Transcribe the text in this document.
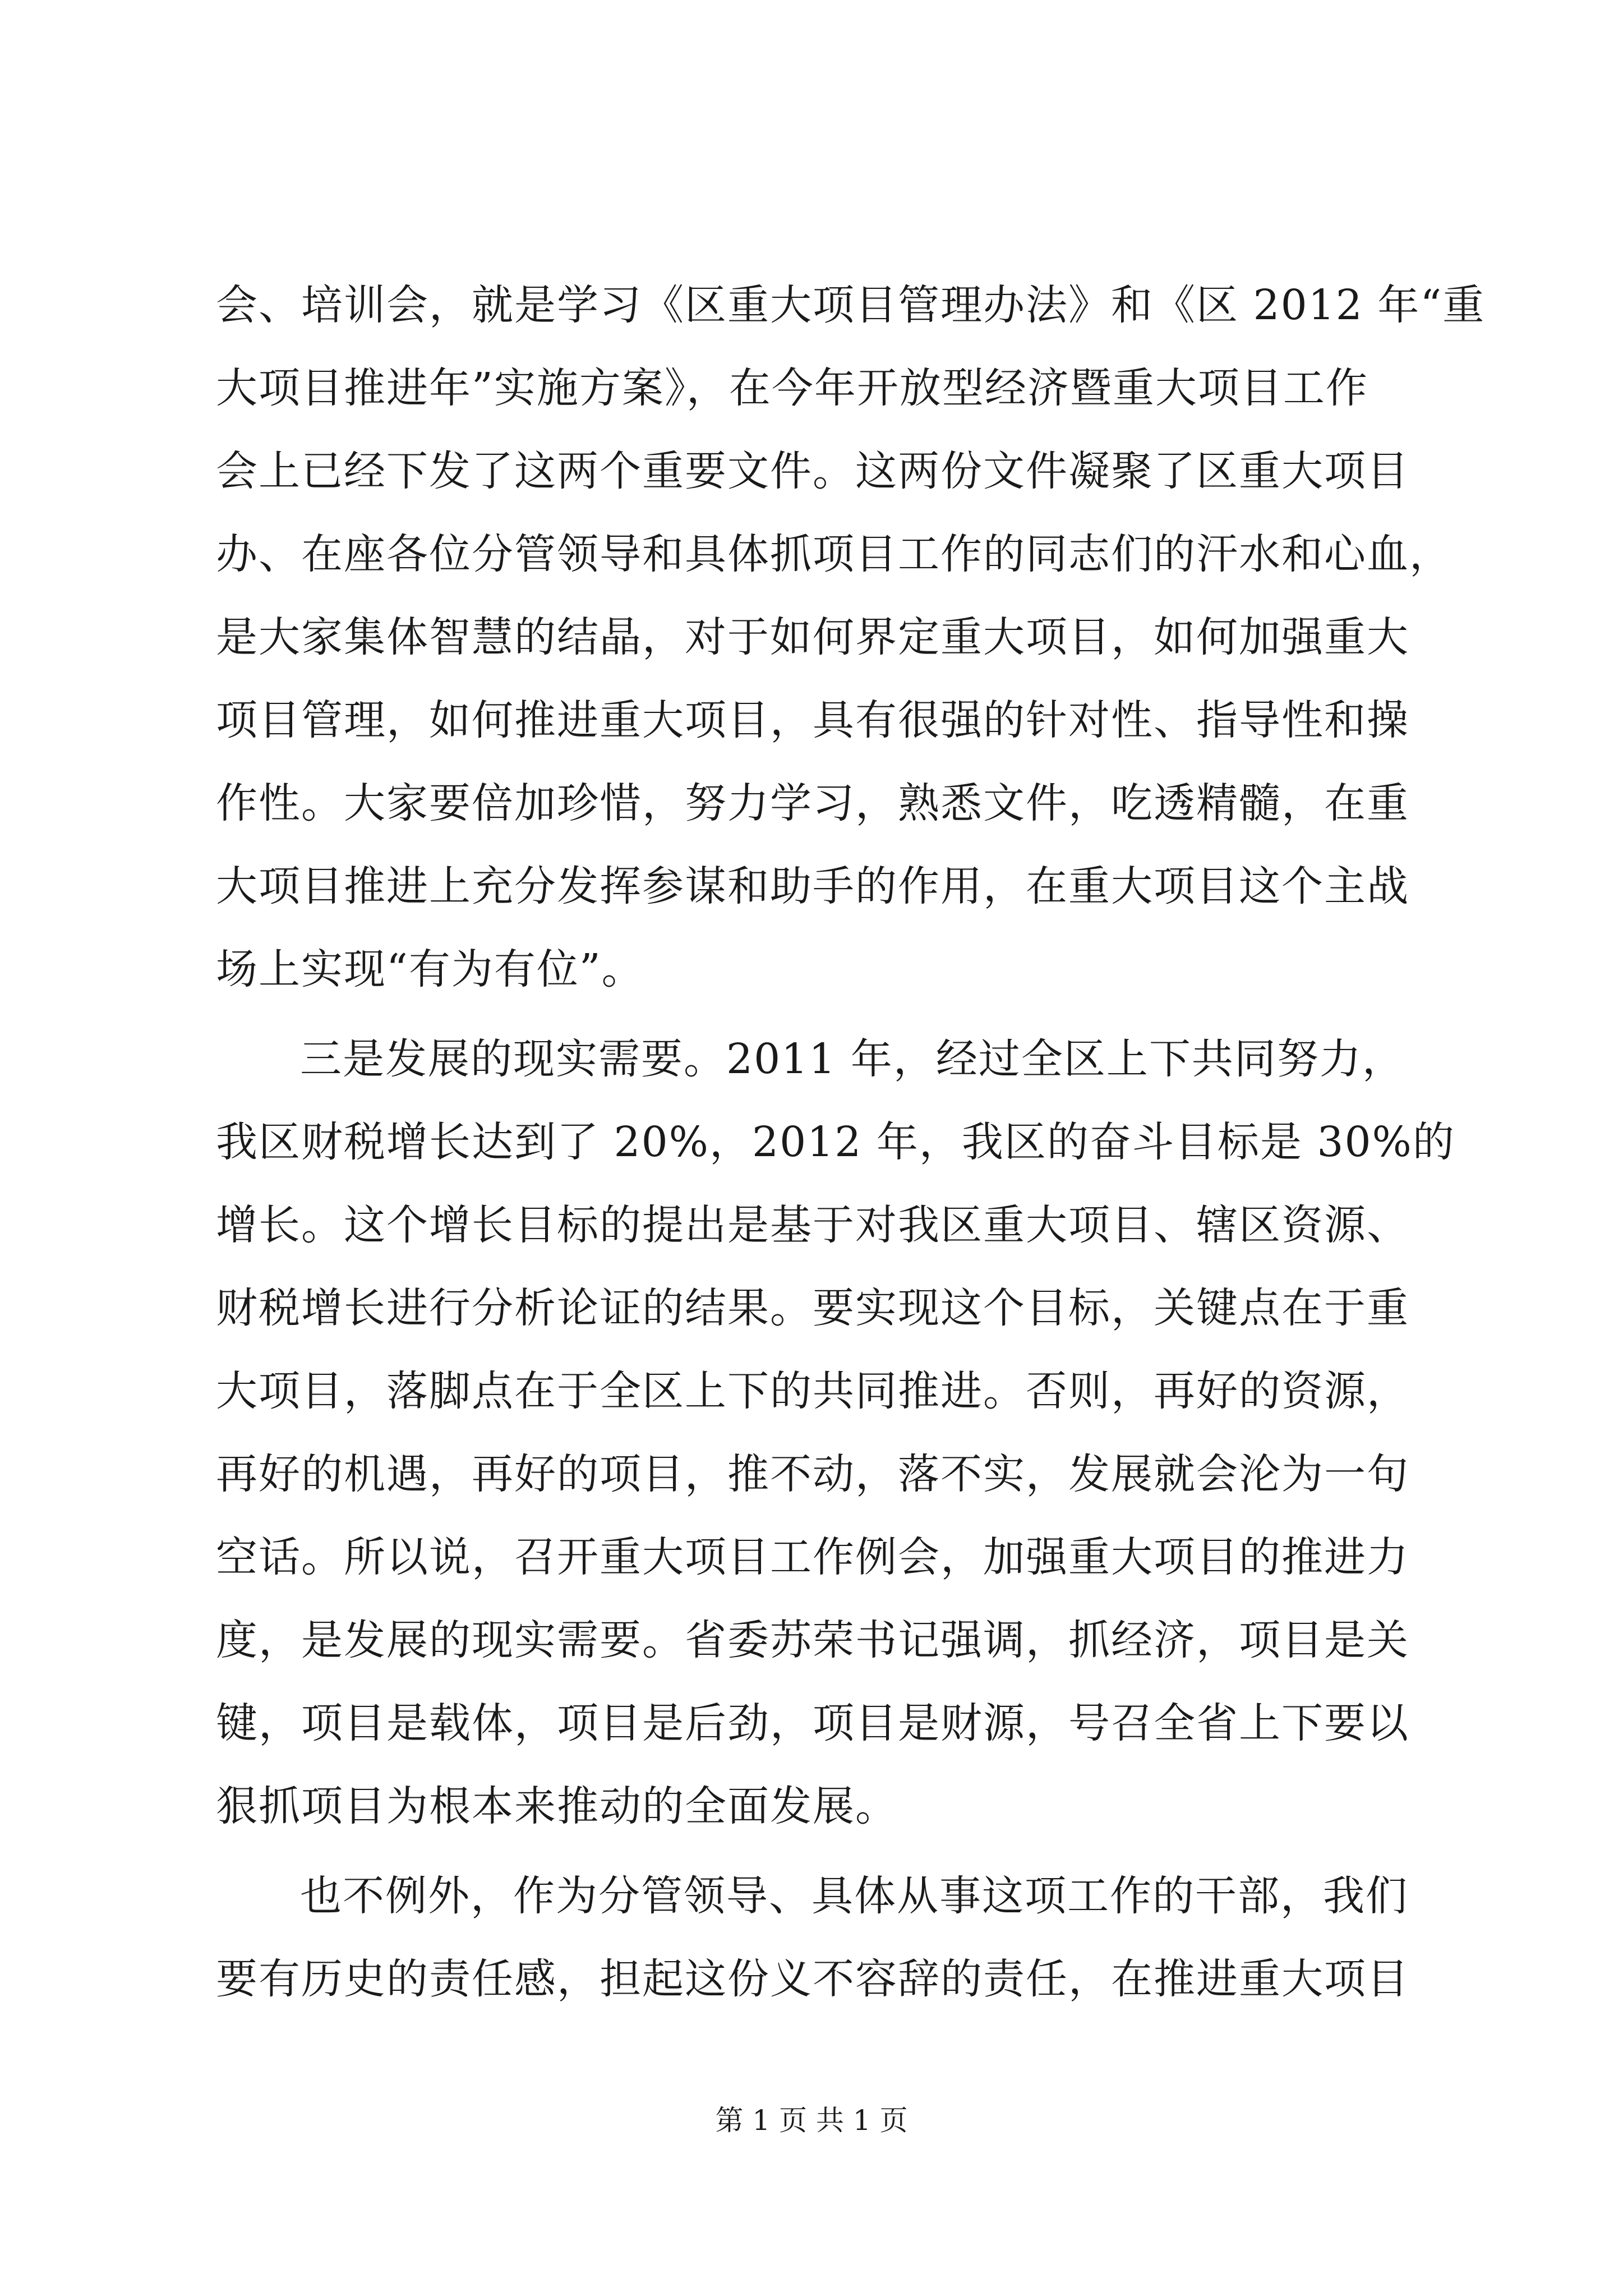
会、培训会，就是学习《区重大项目管理办法》和《区 2012 年“重
大项目推进年”实施方案》，在今年开放型经济暨重大项目工作
会上已经下发了这两个重要文件。这两份文件凝聚了区重大项目
办、在座各位分管领导和具体抓项目工作的同志们的汗水和心血，
是大家集体智慧的结晶，对于如何界定重大项目，如何加强重大
项目管理，如何推进重大项目，具有很强的针对性、指导性和操
作性。大家要倍加珍惜，努力学习，熟悉文件，吃透精髓，在重
大项目推进上充分发挥参谋和助手的作用，在重大项目这个主战
场上实现“有为有位”。
三是发展的现实需要。2011 年，经过全区上下共同努力，
我区财税增长达到了 20%，2012 年，我区的奋斗目标是 30%的
增长。这个增长目标的提出是基于对我区重大项目、辖区资源、
财税增长进行分析论证的结果。要实现这个目标，关键点在于重
大项目，落脚点在于全区上下的共同推进。否则，再好的资源，
再好的机遇，再好的项目，推不动，落不实，发展就会沦为一句
空话。所以说，召开重大项目工作例会，加强重大项目的推进力
度，是发展的现实需要。省委苏荣书记强调，抓经济，项目是关
键，项目是载体，项目是后劲，项目是财源，号召全省上下要以
狠抓项目为根本来推动的全面发展。
也不例外，作为分管领导、具体从事这项工作的干部，我们
要有历史的责任感，担起这份义不容辞的责任，在推进重大项目
第 1 页 共 1 页
